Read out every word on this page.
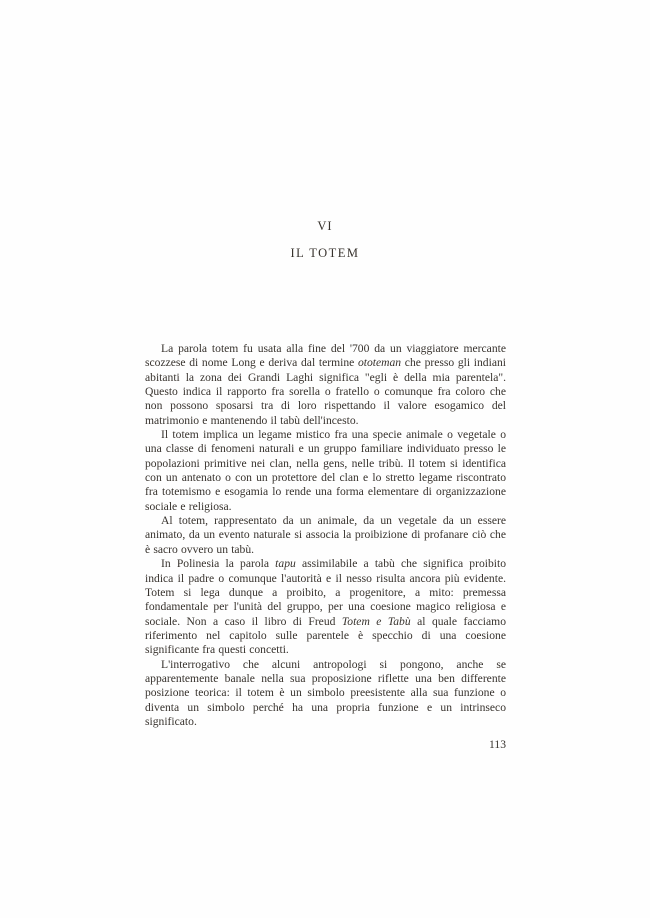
VI
IL TOTEM

La parola totem fu usata alla fine del '700 da un viaggiatore mercante scozzese di nome Long e deriva dal termine ototeman che presso gli indiani abitanti la zona dei Grandi Laghi significa "egli è della mia parentela". Questo indica il rapporto fra sorella o fratello o comunque fra coloro che non possono sposarsi tra di loro rispettando il valore esogamico del matrimonio e mantenendo il tabù dell'incesto.

Il totem implica un legame mistico fra una specie animale o vegetale o una classe di fenomeni naturali e un gruppo familiare individuato presso le popolazioni primitive nei clan, nella gens, nelle tribù. Il totem si identifica con un antenato o con un protettore del clan e lo stretto legame riscontrato fra totemismo e esogamia lo rende una forma elementare di organizzazione sociale e religiosa.

Al totem, rappresentato da un animale, da un vegetale da un essere animato, da un evento naturale si associa la proibizione di profanare ciò che è sacro ovvero un tabù.

In Polinesia la parola tapu assimilabile a tabù che significa proibito indica il padre o comunque l'autorità e il nesso risulta ancora più evidente. Totem si lega dunque a proibito, a progenitore, a mito: premessa fondamentale per l'unità del gruppo, per una coesione magico religiosa e sociale. Non a caso il libro di Freud Totem e Tabù al quale facciamo riferimento nel capitolo sulle parentele è specchio di una coesione significante fra questi concetti.

L'interrogativo che alcuni antropologi si pongono, anche se apparentemente banale nella sua proposizione riflette una ben differente posizione teorica: il totem è un simbolo preesistente alla sua funzione o diventa un simbolo perché ha una propria funzione e un intrinseco significato.

113
